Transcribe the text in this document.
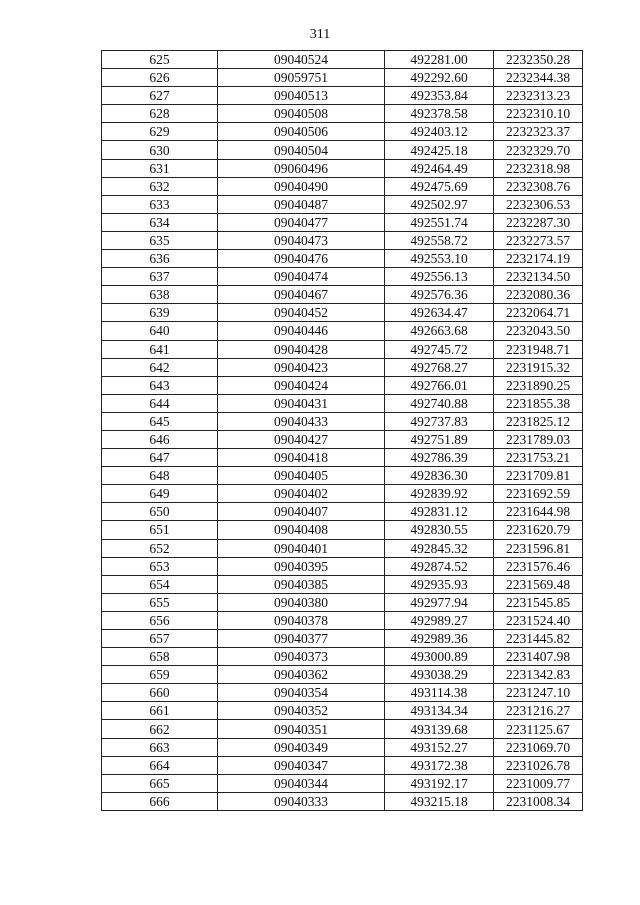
311
625	09040524	492281.00	2232350.28
626	09059751	492292.60	2232344.38
627	09040513	492353.84	2232313.23
628	09040508	492378.58	2232310.10
629	09040506	492403.12	2232323.37
630	09040504	492425.18	2232329.70
631	09060496	492464.49	2232318.98
632	09040490	492475.69	2232308.76
633	09040487	492502.97	2232306.53
634	09040477	492551.74	2232287.30
635	09040473	492558.72	2232273.57
636	09040476	492553.10	2232174.19
637	09040474	492556.13	2232134.50
638	09040467	492576.36	2232080.36
639	09040452	492634.47	2232064.71
640	09040446	492663.68	2232043.50
641	09040428	492745.72	2231948.71
642	09040423	492768.27	2231915.32
643	09040424	492766.01	2231890.25
644	09040431	492740.88	2231855.38
645	09040433	492737.83	2231825.12
646	09040427	492751.89	2231789.03
647	09040418	492786.39	2231753.21
648	09040405	492836.30	2231709.81
649	09040402	492839.92	2231692.59
650	09040407	492831.12	2231644.98
651	09040408	492830.55	2231620.79
652	09040401	492845.32	2231596.81
653	09040395	492874.52	2231576.46
654	09040385	492935.93	2231569.48
655	09040380	492977.94	2231545.85
656	09040378	492989.27	2231524.40
657	09040377	492989.36	2231445.82
658	09040373	493000.89	2231407.98
659	09040362	493038.29	2231342.83
660	09040354	493114.38	2231247.10
661	09040352	493134.34	2231216.27
662	09040351	493139.68	2231125.67
663	09040349	493152.27	2231069.70
664	09040347	493172.38	2231026.78
665	09040344	493192.17	2231009.77
666	09040333	493215.18	2231008.34
